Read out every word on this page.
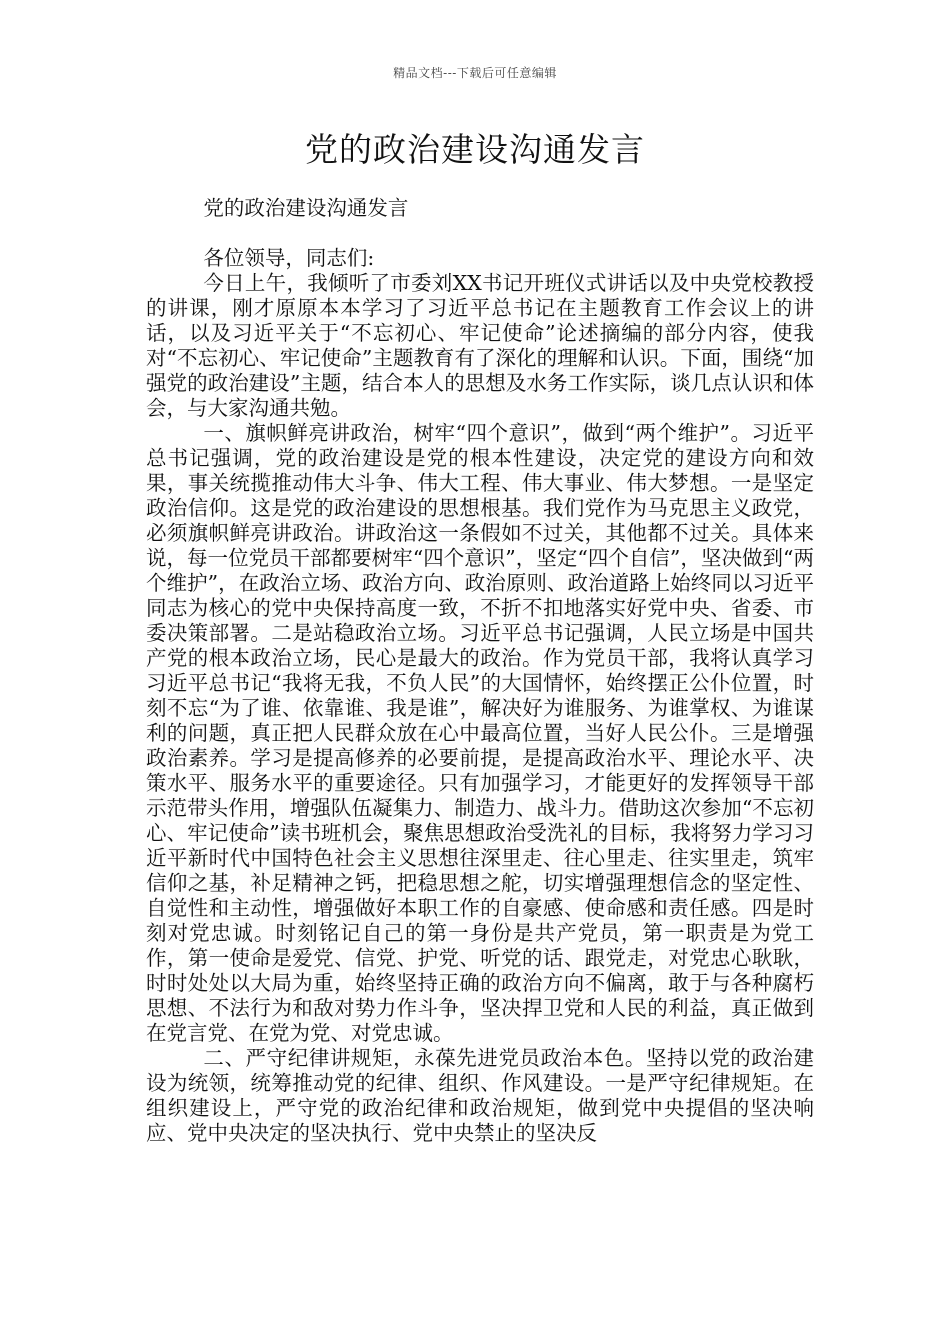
精品文档---下载后可任意编辑
党的政治建设沟通发言

党的政治建设沟通发言

各位领导，同志们:

今日上午，我倾听了市委刘XX书记开班仪式讲话以及中央党校教授的讲课，刚才原原本本学习了习近平总书记在主题教育工作会议上的讲话，以及习近平关于“不忘初心、牢记使命”论述摘编的部分内容，使我对“不忘初心、牢记使命”主题教育有了深化的理解和认识。下面，围绕“加强党的政治建设”主题，结合本人的思想及水务工作实际，谈几点认识和体会，与大家沟通共勉。

一、旗帜鲜亮讲政治，树牢“四个意识”，做到“两个维护”。习近平总书记强调，党的政治建设是党的根本性建设，决定党的建设方向和效果，事关统揽推动伟大斗争、伟大工程、伟大事业、伟大梦想。一是坚定政治信仰。这是党的政治建设的思想根基。我们党作为马克思主义政党，必须旗帜鲜亮讲政治。讲政治这一条假如不过关，其他都不过关。具体来说，每一位党员干部都要树牢“四个意识”，坚定“四个自信”，坚决做到“两个维护”，在政治立场、政治方向、政治原则、政治道路上始终同以习近平同志为核心的党中央保持高度一致，不折不扣地落实好党中央、省委、市委决策部署。二是站稳政治立场。习近平总书记强调，人民立场是中国共产党的根本政治立场，民心是最大的政治。作为党员干部，我将认真学习习近平总书记“我将无我，不负人民”的大国情怀，始终摆正公仆位置，时刻不忘“为了谁、依靠谁、我是谁”，解决好为谁服务、为谁掌权、为谁谋利的问题，真正把人民群众放在心中最高位置，当好人民公仆。三是增强政治素养。学习是提高修养的必要前提，是提高政治水平、理论水平、决策水平、服务水平的重要途径。只有加强学习，才能更好的发挥领导干部示范带头作用，增强队伍凝集力、制造力、战斗力。借助这次参加“不忘初心、牢记使命”读书班机会，聚焦思想政治受洗礼的目标，我将努力学习习近平新时代中国特色社会主义思想往深里走、往心里走、往实里走，筑牢信仰之基，补足精神之钙，把稳思想之舵，切实增强理想信念的坚定性、自觉性和主动性，增强做好本职工作的自豪感、使命感和责任感。四是时刻对党忠诚。时刻铭记自己的第一身份是共产党员，第一职责是为党工作，第一使命是爱党、信党、护党、听党的话、跟党走，对党忠心耿耿，时时处处以大局为重，始终坚持正确的政治方向不偏离，敢于与各种腐朽思想、不法行为和敌对势力作斗争，坚决捍卫党和人民的利益，真正做到在党言党、在党为党、对党忠诚。

二、严守纪律讲规矩，永葆先进党员政治本色。坚持以党的政治建设为统领，统筹推动党的纪律、组织、作风建设。一是严守纪律规矩。在组织建设上，严守党的政治纪律和政治规矩，做到党中央提倡的坚决响应、党中央决定的坚决执行、党中央禁止的坚决反
